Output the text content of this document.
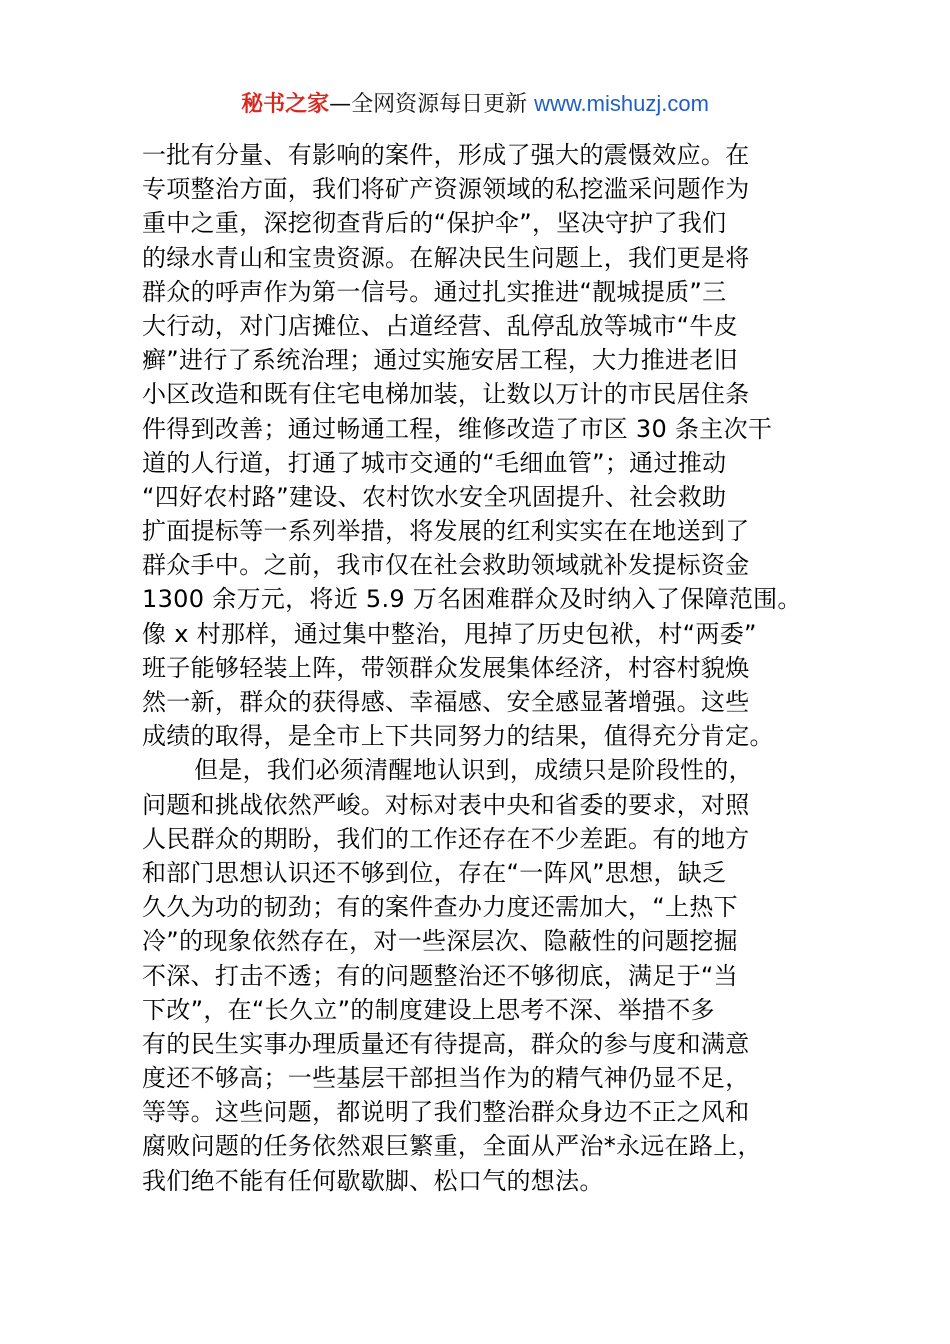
秘书之家—全网资源每日更新 www.mishuzj.com
一批有分量、有影响的案件，形成了强大的震慑效应。在
专项整治方面，我们将矿产资源领域的私挖滥采问题作为
重中之重，深挖彻查背后的“保护伞”，坚决守护了我们
的绿水青山和宝贵资源。在解决民生问题上，我们更是将
群众的呼声作为第一信号。通过扎实推进“靓城提质”三
大行动，对门店摊位、占道经营、乱停乱放等城市“牛皮
癣”进行了系统治理；通过实施安居工程，大力推进老旧
小区改造和既有住宅电梯加装，让数以万计的市民居住条
件得到改善；通过畅通工程，维修改造了市区 30 条主次干
道的人行道，打通了城市交通的“毛细血管”；通过推动
“四好农村路”建设、农村饮水安全巩固提升、社会救助
扩面提标等一系列举措，将发展的红利实实在在地送到了
群众手中。之前，我市仅在社会救助领域就补发提标资金
1300 余万元，将近 5.9 万名困难群众及时纳入了保障范围。
像 x 村那样，通过集中整治，甩掉了历史包袱，村“两委”
班子能够轻装上阵，带领群众发展集体经济，村容村貌焕
然一新，群众的获得感、幸福感、安全感显著增强。这些
成绩的取得，是全市上下共同努力的结果，值得充分肯定。
但是，我们必须清醒地认识到，成绩只是阶段性的，
问题和挑战依然严峻。对标对表中央和省委的要求，对照
人民群众的期盼，我们的工作还存在不少差距。有的地方
和部门思想认识还不够到位，存在“一阵风”思想，缺乏
久久为功的韧劲；有的案件查办力度还需加大，“上热下
冷”的现象依然存在，对一些深层次、隐蔽性的问题挖掘
不深、打击不透；有的问题整治还不够彻底，满足于“当
下改”，在“长久立”的制度建设上思考不深、举措不多
有的民生实事办理质量还有待提高，群众的参与度和满意
度还不够高；一些基层干部担当作为的精气神仍显不足，
等等。这些问题，都说明了我们整治群众身边不正之风和
腐败问题的任务依然艰巨繁重，全面从严治*永远在路上，
我们绝不能有任何歇歇脚、松口气的想法。
